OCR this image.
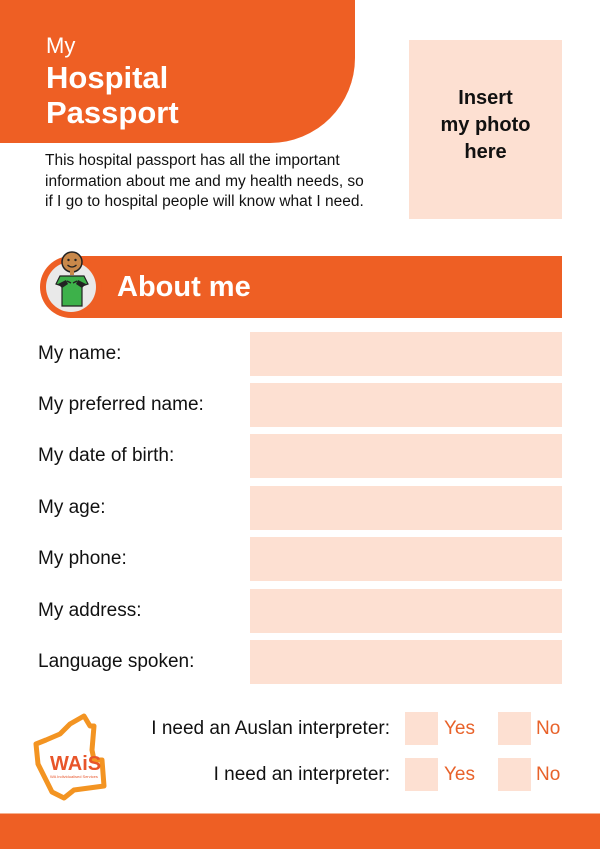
My
Hospital
Passport
This hospital passport has all the important information about me and my health needs, so if I go to hospital people will know what I need.
Insert
my photo
here
About me
My name:
My preferred name:
My date of birth:
My age:
My phone:
My address:
Language spoken:
WAiS
WA Individualised Services
I need an Auslan interpreter:	Yes	No
I need an interpreter:	Yes	No
